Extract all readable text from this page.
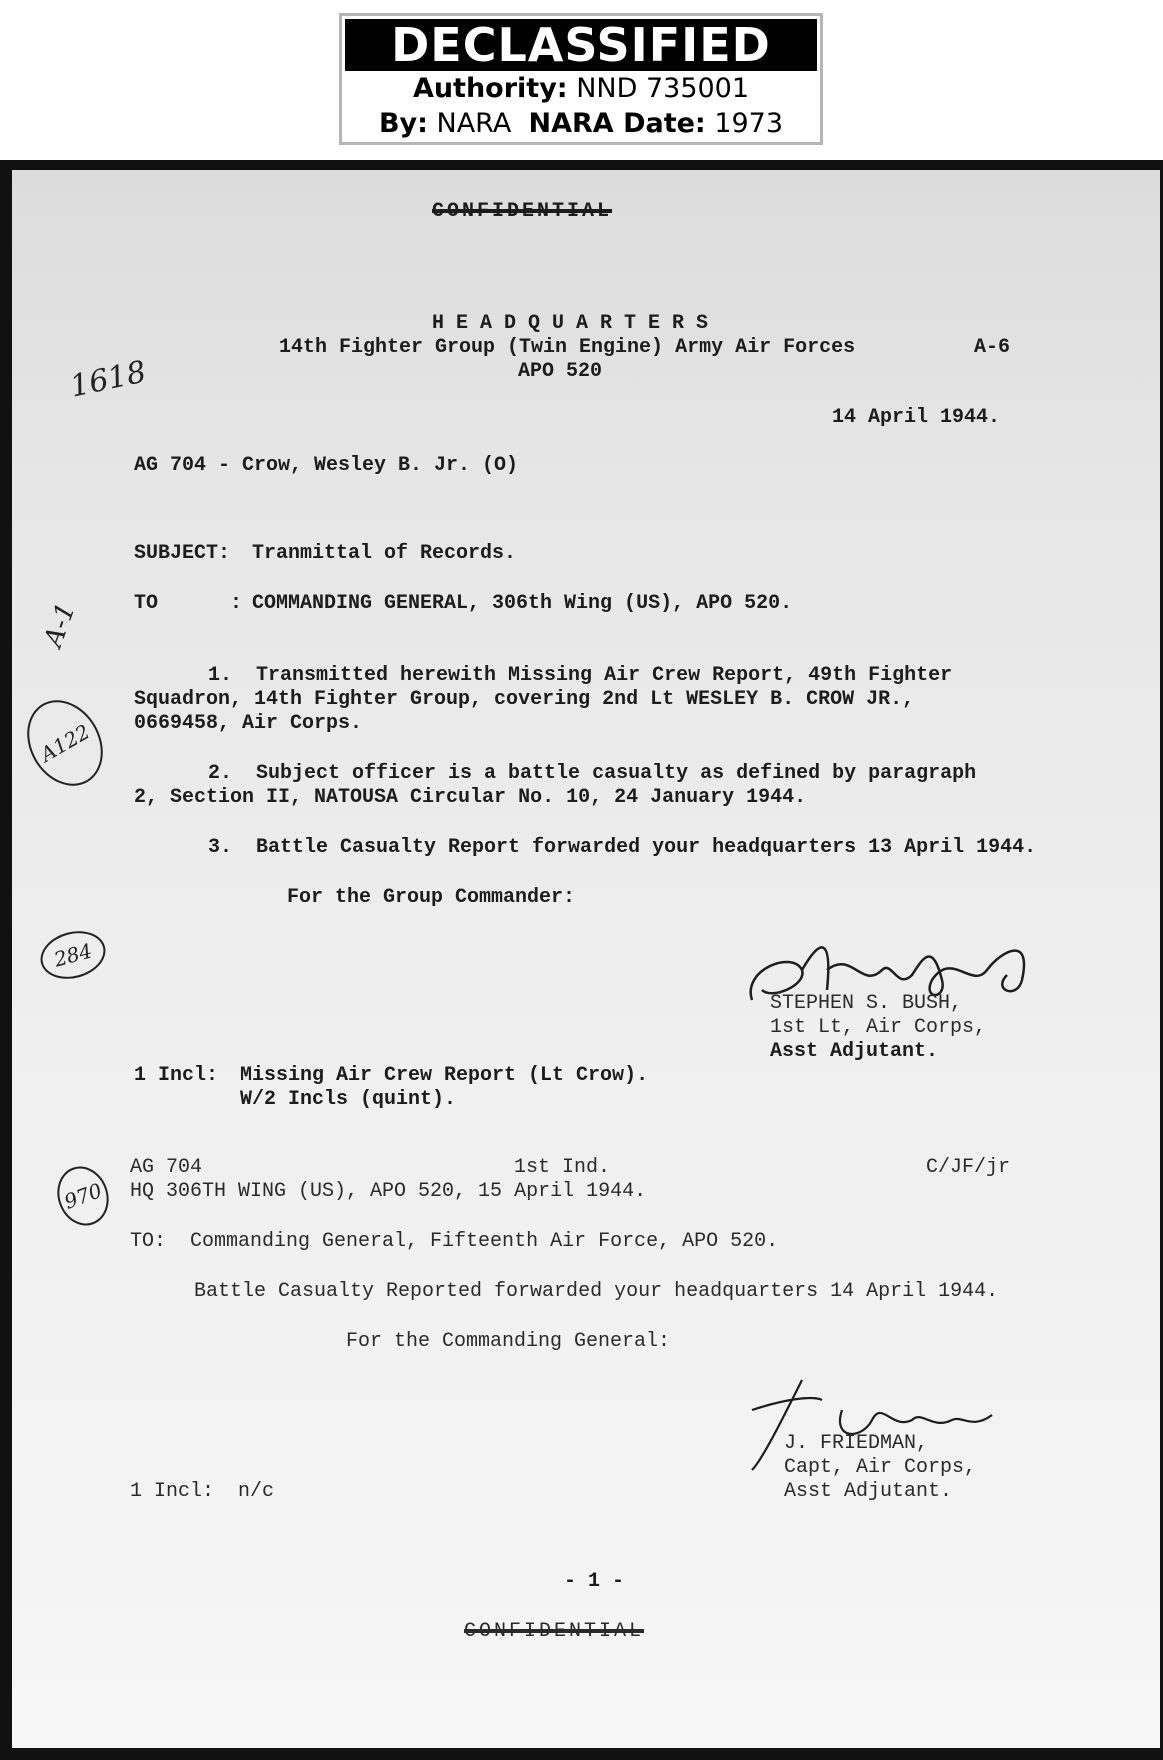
DECLASSIFIED
Authority: NND 735001
By: NARA NARA Date: 1973
CONFIDENTIAL
H E A D Q U A R T E R S
14th Fighter Group (Twin Engine) Army Air Forces
APO 520
A-6
14 April 1944.
AG 704 - Crow, Wesley B. Jr. (O)
SUBJECT: Tranmittal of Records.
TO      : COMMANDING GENERAL, 306th Wing (US), APO 520.
1.  Transmitted herewith Missing Air Crew Report, 49th Fighter
Squadron, 14th Fighter Group, covering 2nd Lt WESLEY B. CROW JR.,
0669458, Air Corps.
2.  Subject officer is a battle casualty as defined by paragraph
2, Section II, NATOUSA Circular No. 10, 24 January 1944.
3.  Battle Casualty Report forwarded your headquarters 13 April 1944.
For the Group Commander:
STEPHEN S. BUSH,
1st Lt, Air Corps,
Asst Adjutant.
1 Incl: Missing Air Crew Report (Lt Crow).
W/2 Incls (quint).
AG 704	1st Ind.	C/JF/jr
HQ 306TH WING (US), APO 520, 15 April 1944.
TO:  Commanding General, Fifteenth Air Force, APO 520.
Battle Casualty Reported forwarded your headquarters 14 April 1944.
For the Commanding General:
J. FRIEDMAN,
Capt, Air Corps,
Asst Adjutant.
1 Incl:  n/c
- 1 -
CONFIDENTIAL
1618
A-1
A122
284
970
